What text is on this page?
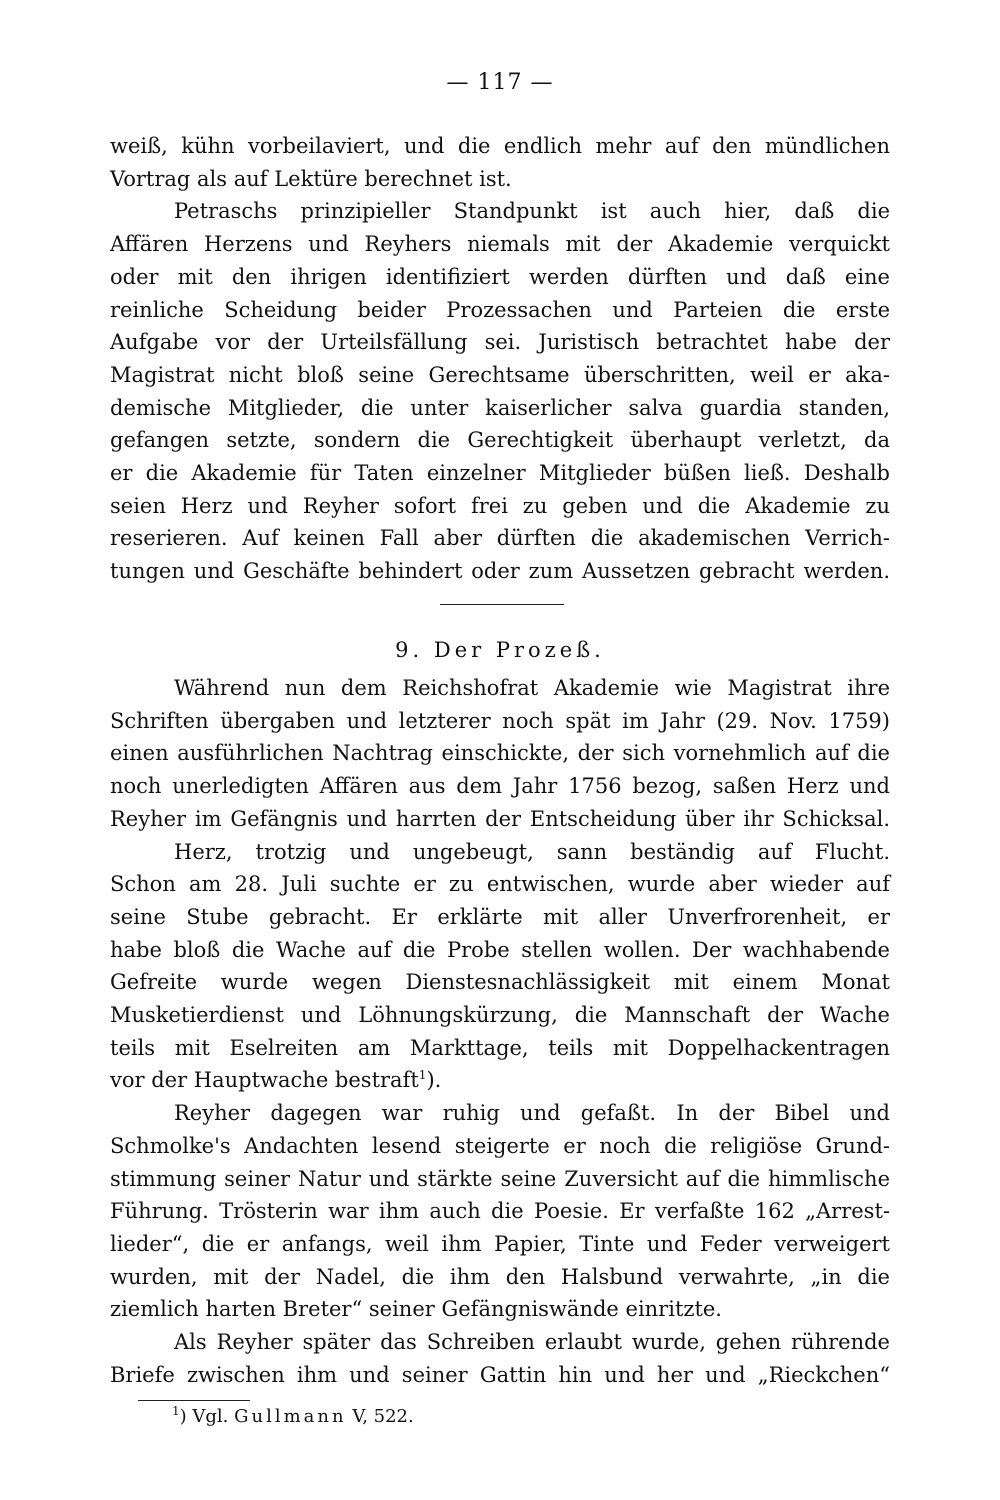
— 117 —

weiß, kühn vorbeilaviert, und die endlich mehr auf den mündlichen
Vortrag als auf Lektüre berechnet ist.

Petraschs prinzipieller Standpunkt ist auch hier, daß die
Affären Herzens und Reyhers niemals mit der Akademie verquickt
oder mit den ihrigen identifiziert werden dürften und daß eine
reinliche Scheidung beider Prozessachen und Parteien die erste
Aufgabe vor der Urteilsfällung sei. Juristisch betrachtet habe der
Magistrat nicht bloß seine Gerechtsame überschritten, weil er aka-
demische Mitglieder, die unter kaiserlicher salva guardia standen,
gefangen setzte, sondern die Gerechtigkeit überhaupt verletzt, da
er die Akademie für Taten einzelner Mitglieder büßen ließ. Deshalb
seien Herz und Reyher sofort frei zu geben und die Akademie zu
reserieren. Auf keinen Fall aber dürften die akademischen Verrich-
tungen und Geschäfte behindert oder zum Aussetzen gebracht werden.

9. Der Prozeß.

Während nun dem Reichshofrat Akademie wie Magistrat ihre
Schriften übergaben und letzterer noch spät im Jahr (29. Nov. 1759)
einen ausführlichen Nachtrag einschickte, der sich vornehmlich auf die
noch unerledigten Affären aus dem Jahr 1756 bezog, saßen Herz und
Reyher im Gefängnis und harrten der Entscheidung über ihr Schicksal.

Herz, trotzig und ungebeugt, sann beständig auf Flucht.
Schon am 28. Juli suchte er zu entwischen, wurde aber wieder auf
seine Stube gebracht. Er erklärte mit aller Unverfrorenheit, er
habe bloß die Wache auf die Probe stellen wollen. Der wachhabende
Gefreite wurde wegen Dienstesnachlässigkeit mit einem Monat
Musketierdienst und Löhnungskürzung, die Mannschaft der Wache
teils mit Eselreiten am Markttage, teils mit Doppelhackentragen
vor der Hauptwache bestraft$^1$).

Reyher dagegen war ruhig und gefaßt. In der Bibel und
Schmolke's Andachten lesend steigerte er noch die religiöse Grund-
stimmung seiner Natur und stärkte seine Zuversicht auf die himmlische
Führung. Trösterin war ihm auch die Poesie. Er verfaßte 162 „Arrest-
lieder“, die er anfangs, weil ihm Papier, Tinte und Feder verweigert
wurden, mit der Nadel, die ihm den Halsbund verwahrte, „in die
ziemlich harten Breter“ seiner Gefängniswände einritzte.

Als Reyher später das Schreiben erlaubt wurde, gehen rührende
Briefe zwischen ihm und seiner Gattin hin und her und „Rieckchen“

$^1$) Vgl. Gullmann V, 522.
